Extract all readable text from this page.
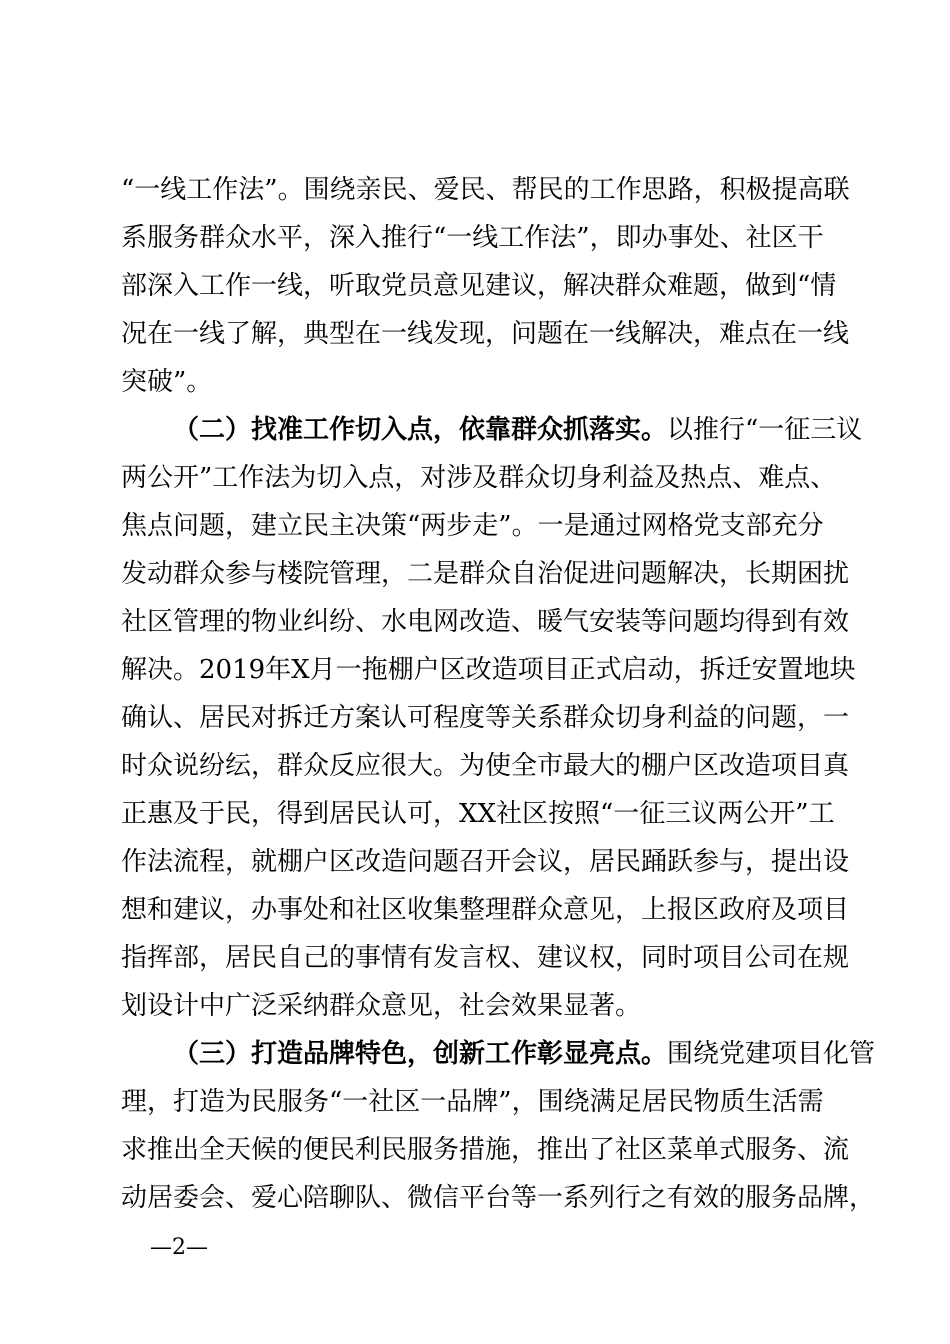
“一线工作法”。围绕亲民、爱民、帮民的工作思路，积极提高联
系服务群众水平，深入推行“一线工作法”，即办事处、社区干
部深入工作一线，听取党员意见建议，解决群众难题，做到“情
况在一线了解，典型在一线发现，问题在一线解决，难点在一线
突破”。
（二）找准工作切入点，依靠群众抓落实。以推行“一征三议
两公开”工作法为切入点，对涉及群众切身利益及热点、难点、
焦点问题，建立民主决策“两步走”。一是通过网格党支部充分
发动群众参与楼院管理，二是群众自治促进问题解决，长期困扰
社区管理的物业纠纷、水电网改造、暖气安装等问题均得到有效
解决。2019年X月一拖棚户区改造项目正式启动，拆迁安置地块
确认、居民对拆迁方案认可程度等关系群众切身利益的问题，一
时众说纷纭，群众反应很大。为使全市最大的棚户区改造项目真
正惠及于民，得到居民认可，XX社区按照“一征三议两公开”工
作法流程，就棚户区改造问题召开会议，居民踊跃参与，提出设
想和建议，办事处和社区收集整理群众意见，上报区政府及项目
指挥部，居民自己的事情有发言权、建议权，同时项目公司在规
划设计中广泛采纳群众意见，社会效果显著。
（三）打造品牌特色，创新工作彰显亮点。围绕党建项目化管
理，打造为民服务“一社区一品牌”，围绕满足居民物质生活需
求推出全天候的便民利民服务措施，推出了社区菜单式服务、流
动居委会、爱心陪聊队、微信平台等一系列行之有效的服务品牌，
—2—
